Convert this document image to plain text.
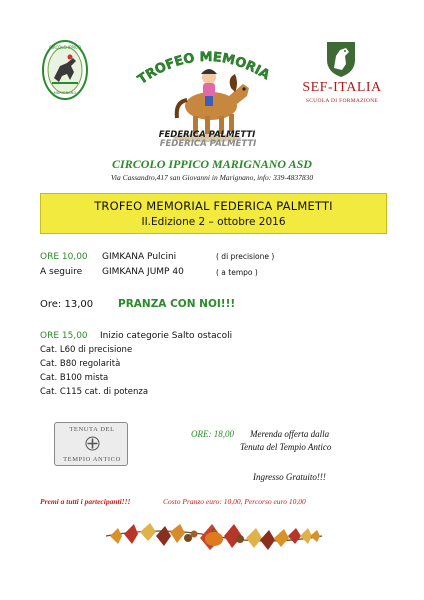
CIRCOLO IPPICO
MARIGNANO
TROFEO MEMORIA
FEDERICA PALMETTI
FEDERICA PALMETTI
SEF-ITALIA
SCUOLA DI FORMAZIONE
CIRCOLO IPPICO MARIGNANO ASD
Via Cassandro,417 san Giovanni in Marignano, info: 339-4837830
TROFEO MEMORIAL FEDERICA PALMETTI
II.Edizione 2 – ottobre 2016
ORE 10,00 GIMKANA Pulcini	( di precisione )
A seguire GIMKANA JUMP 40	( a tempo )
Ore: 13,00 PRANZA CON NOI!!!
ORE 15,00 Inizio categorie Salto ostacoli
Cat. L60 di precisione
Cat. B80 regolarità
Cat. B100 mista
Cat. C115 cat. di potenza
TENUTA DEL
TEMPIO ANTICO
ORE: 18,00 Merenda offerta dalla
Tenuta del Tempio Antico
Ingresso Gratuito!!!
Premi a tutti i partecipanti!!!	Costo Pranzo euro: 10,00, Percorso euro 10,00
